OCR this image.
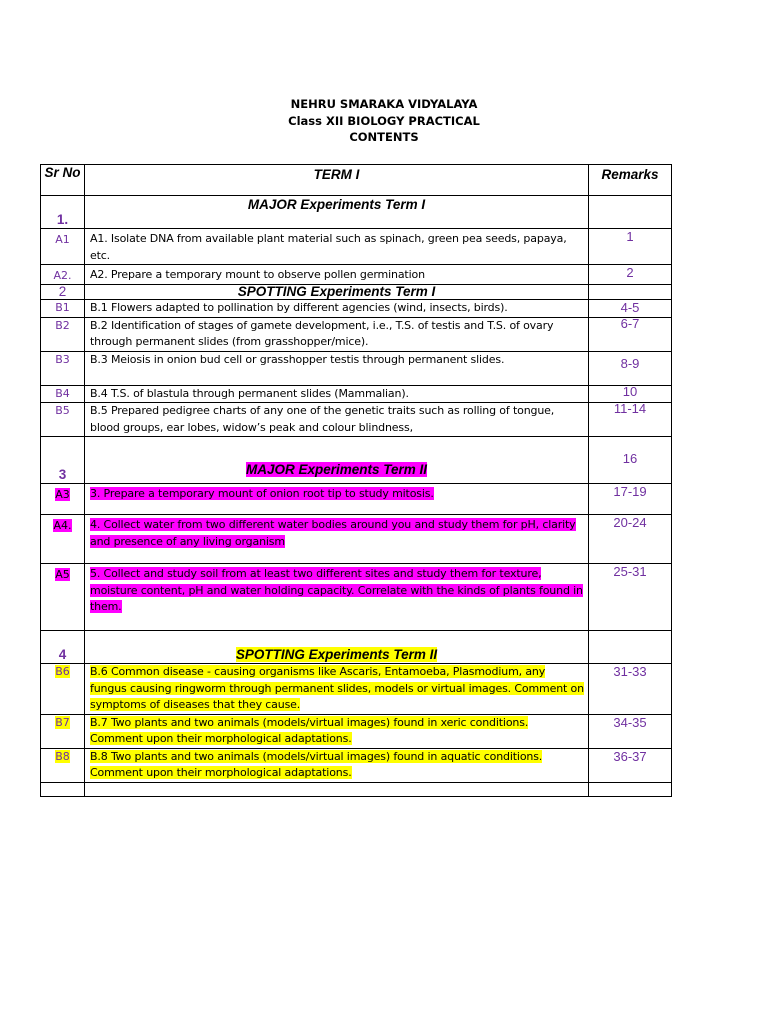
NEHRU SMARAKA VIDYALAYA
Class XII BIOLOGY PRACTICAL
CONTENTS
Sr No	TERM I	Remarks
1.	MAJOR Experiments Term I	
A1	A1. Isolate DNA from available plant material such as spinach, green pea seeds, papaya, etc.	1
A2.	A2. Prepare a temporary mount to observe pollen germination	2
2	SPOTTING Experiments Term I	
B1	B.1 Flowers adapted to pollination by different agencies (wind, insects, birds).	4-5
B2	B.2 Identification of stages of gamete development, i.e., T.S. of testis and T.S. of ovary through permanent slides (from grasshopper/mice).	6-7
B3	B.3 Meiosis in onion bud cell or grasshopper testis through permanent slides.	8-9
B4	B.4 T.S. of blastula through permanent slides (Mammalian).	10
B5	B.5 Prepared pedigree charts of any one of the genetic traits such as rolling of tongue, blood groups, ear lobes, widow’s peak and colour blindness,	11-14
3	MAJOR Experiments Term II	16
A3	3. Prepare a temporary mount of onion root tip to study mitosis.	17-19
A4.	4. Collect water from two different water bodies around you and study them for pH, clarity and presence of any living organism	20-24
A5	5. Collect and study soil from at least two different sites and study them for texture, moisture content, pH and water holding capacity. Correlate with the kinds of plants found in them.	25-31
4	SPOTTING Experiments Term II	
B6	B.6 Common disease - causing organisms like Ascaris, Entamoeba, Plasmodium, any fungus causing ringworm through permanent slides, models or virtual images. Comment on symptoms of diseases that they cause.	31-33
B7	B.7 Two plants and two animals (models/virtual images) found in xeric conditions. Comment upon their morphological adaptations.	34-35
B8	B.8 Two plants and two animals (models/virtual images) found in aquatic conditions. Comment upon their morphological adaptations.	36-37
